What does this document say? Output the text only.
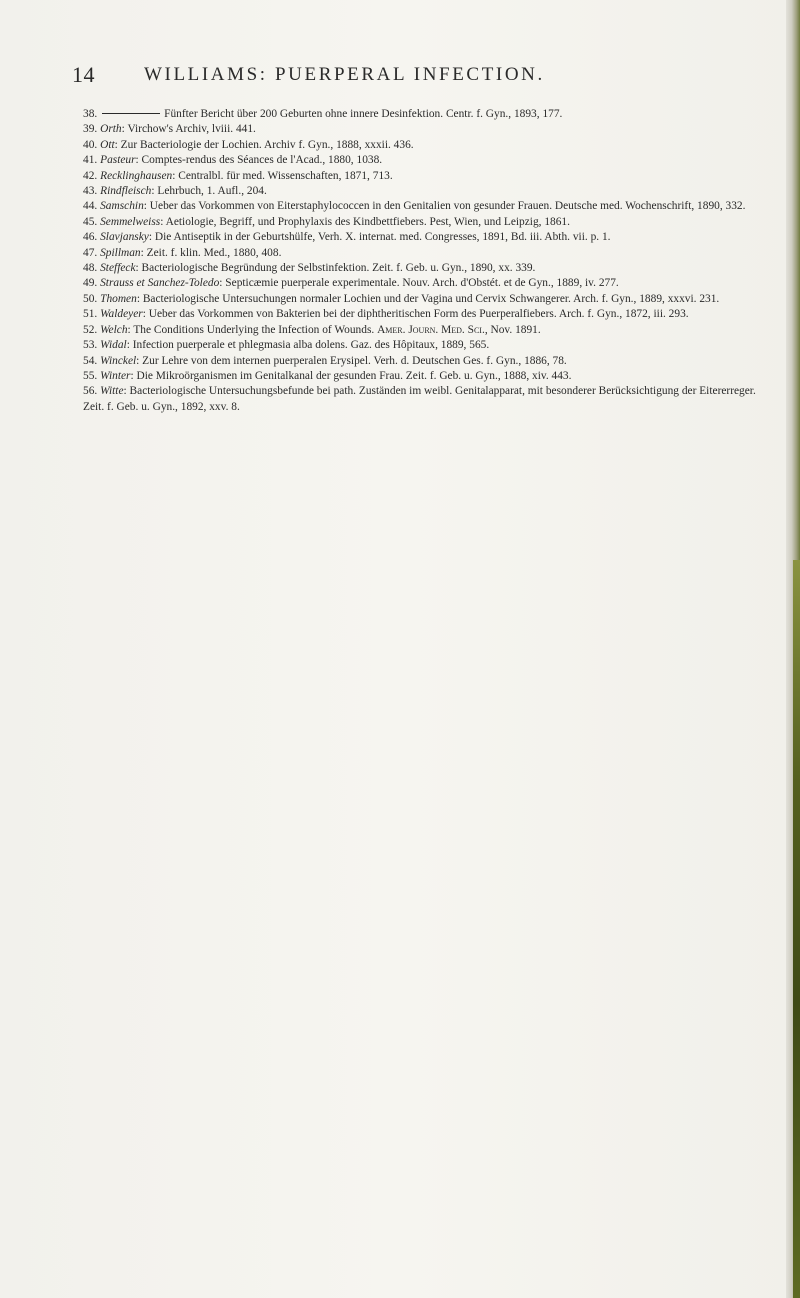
14	WILLIAMS: PUERPERAL INFECTION.

38.	Fünfter Bericht über 200 Geburten ohne innere Desinfektion. Centr. f. Gyn., 1893, 177.

39. Orth: Virchow's Archiv, lviii. 441.

40. Ott: Zur Bacteriologie der Lochien. Archiv f. Gyn., 1888, xxxii. 436.

41. Pasteur: Comptes-rendus des Séances de l'Acad., 1880, 1038.

42. Recklinghausen: Centralbl. für med. Wissenschaften, 1871, 713.

43. Rindfleisch: Lehrbuch, 1. Aufl., 204.

44. Samschin: Ueber das Vorkommen von Eiterstaphylococcen in den Genitalien von gesunder Frauen. Deutsche med. Wochenschrift, 1890, 332.

45. Semmelweiss: Aetiologie, Begriff, und Prophylaxis des Kindbettfiebers. Pest, Wien, und Leipzig, 1861.

46. Slavjansky: Die Antiseptik in der Geburtshülfe, Verh. X. internat. med. Congresses, 1891, Bd. iii. Abth. vii. p. 1.

47. Spillman: Zeit. f. klin. Med., 1880, 408.

48. Steffeck: Bacteriologische Begründung der Selbstinfektion. Zeit. f. Geb. u. Gyn., 1890, xx. 339.

49. Strauss et Sanchez-Toledo: Septicæmie puerperale experimentale. Nouv. Arch. d'Obstét. et de Gyn., 1889, iv. 277.

50. Thomen: Bacteriologische Untersuchungen normaler Lochien und der Vagina und Cervix Schwangerer. Arch. f. Gyn., 1889, xxxvi. 231.

51. Waldeyer: Ueber das Vorkommen von Bakterien bei der diphtheritischen Form des Puerperalfiebers. Arch. f. Gyn., 1872, iii. 293.

52. Welch: The Conditions Underlying the Infection of Wounds. Amer. Journ. Med. Sci., Nov. 1891.

53. Widal: Infection puerperale et phlegmasia alba dolens. Gaz. des Hôpitaux, 1889, 565.

54. Winckel: Zur Lehre von dem internen puerperalen Erysipel. Verh. d. Deutschen Ges. f. Gyn., 1886, 78.

55. Winter: Die Mikroörganismen im Genitalkanal der gesunden Frau. Zeit. f. Geb. u. Gyn., 1888, xiv. 443.

56. Witte: Bacteriologische Untersuchungsbefunde bei path. Zuständen im weibl. Genitalapparat, mit besonderer Berücksichtigung der Eitererreger. Zeit. f. Geb. u. Gyn., 1892, xxv. 8.
